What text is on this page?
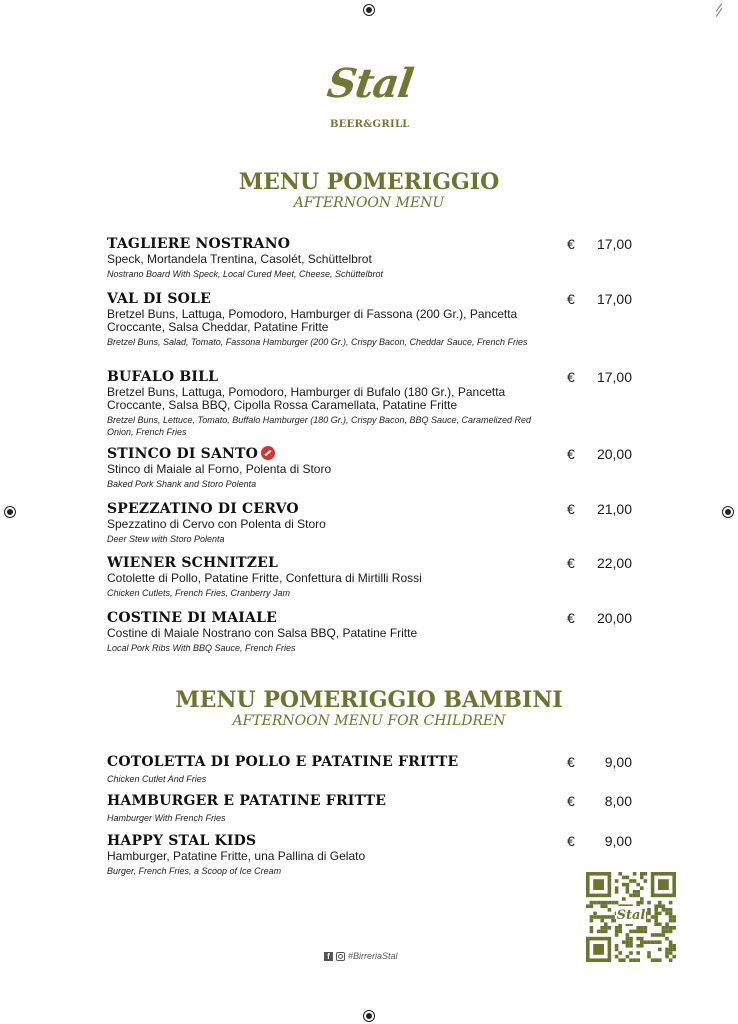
Stal
BEER&GRILL
MENU POMERIGGIO
AFTERNOON MENU
TAGLIERE NOSTRANO
Speck, Mortandela Trentina, Casolét, Schüttelbrot
Nostrano Board With Speck, Local Cured Meet, Cheese, Schüttelbrot
€ 17,00
VAL DI SOLE
Bretzel Buns, Lattuga, Pomodoro, Hamburger di Fassona (200 Gr.), Pancetta Croccante, Salsa Cheddar, Patatine Fritte
Bretzel Buns, Salad, Tomato, Fassona Hamburger (200 Gr.), Crispy Bacon, Cheddar Sauce, French Fries
€ 17,00
BUFALO BILL
Bretzel Buns, Lattuga, Pomodoro, Hamburger di Bufalo (180 Gr.), Pancetta Croccante, Salsa BBQ, Cipolla Rossa Caramellata, Patatine Fritte
Bretzel Buns, Lettuce, Tomato, Buffalo Hamburger (180 Gr.), Crispy Bacon, BBQ Sauce, Caramelized Red Onion, French Fries
€ 17,00
STINCO DI SANTO
Stinco di Maiale al Forno, Polenta di Storo
Baked Pork Shank and Storo Polenta
€ 20,00
SPEZZATINO DI CERVO
Spezzatino di Cervo con Polenta di Storo
Deer Stew with Storo Polenta
€ 21,00
WIENER SCHNITZEL
Cotolette di Pollo, Patatine Fritte, Confettura di Mirtilli Rossi
Chicken Cutlets, French Fries, Cranberry Jam
€ 22,00
COSTINE DI MAIALE
Costine di Maiale Nostrano con Salsa BBQ, Patatine Fritte
Local Pork Ribs With BBQ Sauce, French Fries
€ 20,00
MENU POMERIGGIO BAMBINI
AFTERNOON MENU FOR CHILDREN
COTOLETTA DI POLLO E PATATINE FRITTE
Chicken Cutlet And Fries
€ 9,00
HAMBURGER E PATATINE FRITTE
Hamburger With French Fries
€ 8,00
HAPPY STAL KIDS
Hamburger, Patatine Fritte, una Pallina di Gelato
Burger, French Fries, a Scoop of Ice Cream
€ 9,00
Stal
f	#BirreriaStal
